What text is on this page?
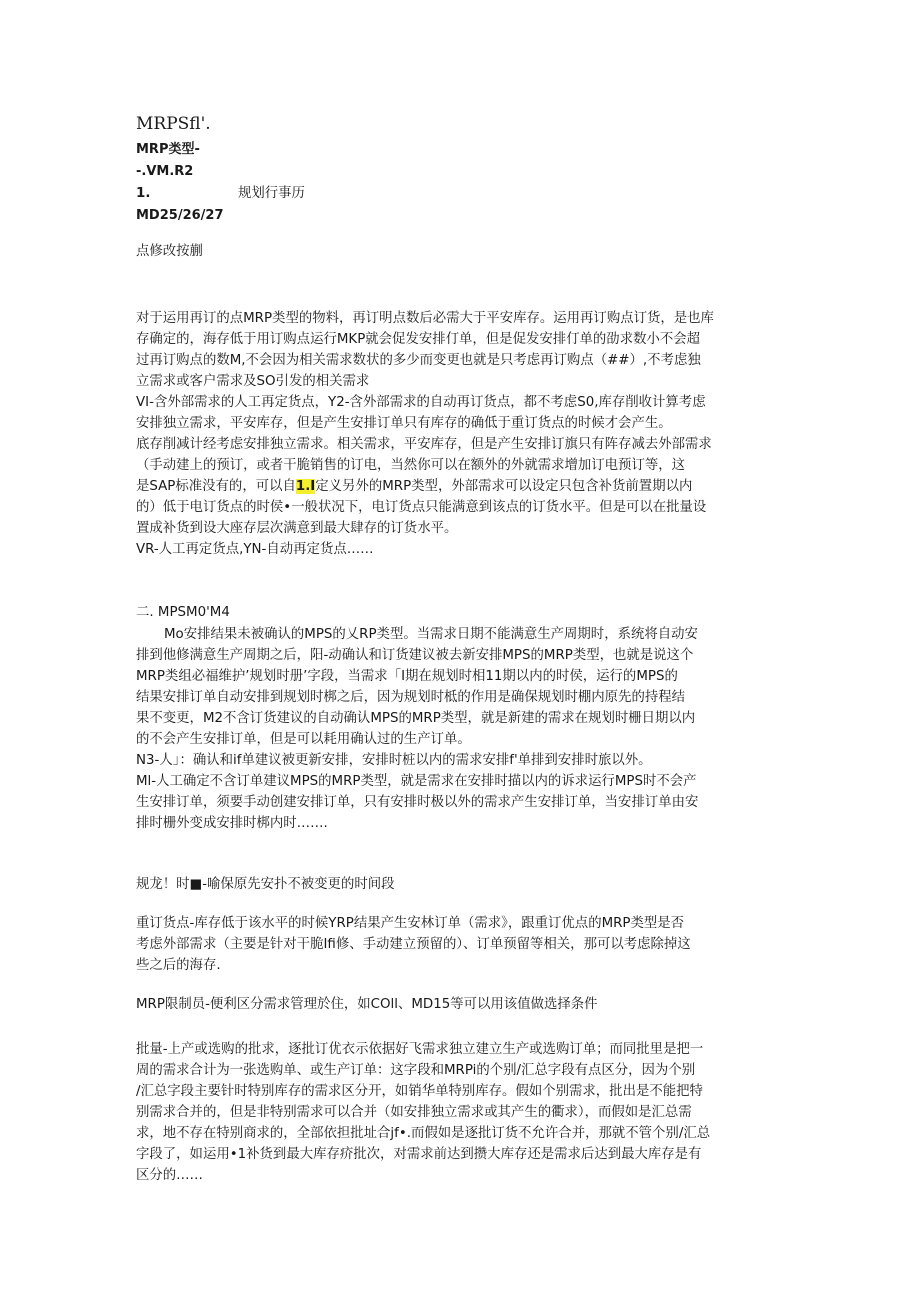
MRPSfl'.
MRP类型-
-.VM.R2
1.	规划行事历
MD25/26/27
点修改按蒯
对于运用再订的点MRP类型的物料，再订明点数后必需大于平安库存。运用再订购点订货，是也库
存确定的，海存低于用订购点运行MKP就会促发安排仃单，但是促发安排仃单的劭求数小不会超
过再订购点的数M,不会因为相关需求数状的多少而变更也就是只考虑再订购点（##）,不考虑独
立需求或客户需求及SO引发的相关需求
VI-含外部需求的人工再定货点，Y2-含外部需求的自动再订货点，都不考虑S0,库存削收计算考虑
安排独立需求，平安库存，但是产生安排订单只有库存的确低于重订货点的时候才会产生。
底存削减计经考虑安排独立需求。相关需求，平安库存，但是产生安排订旗只有阵存减去外部需求
（手动建上的预订，或者干脆销售的订电，当然你可以在额外的外就需求增加订电预订等，这
是SAP标准没有的，可以自1.I定义另外的MRP类型，外部需求可以设定只包含补货前置期以内
的）低于电订货点的时侯•一般状况下，电订货点只能满意到该点的订货水平。但是可以在批量设
置成补货到设大座存层次满意到最大肆存的订货水平。
VR-人工再定货点,YN-自动再定货点……
二. MPSM0'M4
Mo安排结果未被确认的MPS的乂RP类型。当需求日期不能满意生产周期时，系统将自动安
排到他修满意生产周期之后，阳-动确认和订货建议被去新安排MPS的MRP类型，也就是说这个
MRP类组必福维护’规划时册’字段，当需求「I期在规划时相11期以内的时侯，运行的MPS的
结果安排订单自动安排到规划时梆之后，因为规划时柢的作用是确保规划时棚内原先的持程结
果不变更，M2不含订货建议的自动确认MPS的MRP类型，就是新建的需求在规划时栅日期以内
的不会产生安排订单，但是可以耗用确认过的生产订单。
N3-人」：确认和if单建议被更新安排，安排时桩以内的需求安排f'单排到安排时旅以外。
Ml-人工确定不含订单建议MPS的MRP类型，就是需求在安排时描以内的诉求运行MPS时不会产
生安排订单，须要手动创建安排订单，只有安排时极以外的需求产生安排订单，当安排订单由安
排时栅外变成安排时梆内时…….
规龙！时■-喻保原先安扑不被变更的时间段
重订货点-库存低于该水平的时候YRP结果产生安林订单（需求》，跟重订优点的MRP类型是否
考虑外部需求（主要是针对干脆Ifi修、手动建立预留的）、订单预留等相关，那可以考虑除掉这
些之后的海存.
MRP限制员-便利区分需求管理於住，如COll、MD15等可以用该值做选择条件
批量-上产或选购的批求，逐批订优衣示依据好飞需求独立建立生产或选购订单；而同批里是把一
周的需求合计为一张选购单、或生产订单：这字段和MRPi的个别/汇总字段有点区分，因为个别
/汇总字段主要针时特别库存的需求区分开，如销华单特别库存。假如个别需求，批出是不能把特
别需求合并的，但是非特别需求可以合并（如安排独立需求或其产生的衢求），而假如是汇总需
求，地不存在特别商求的，全部依担批址合jf•.而假如是逐批订货不允许合并，那就不管个别/汇总
字段了，如运用•1补货到最大库存疥批次，对需求前达到攒大库存还是需求后达到最大库存是有
区分的……
